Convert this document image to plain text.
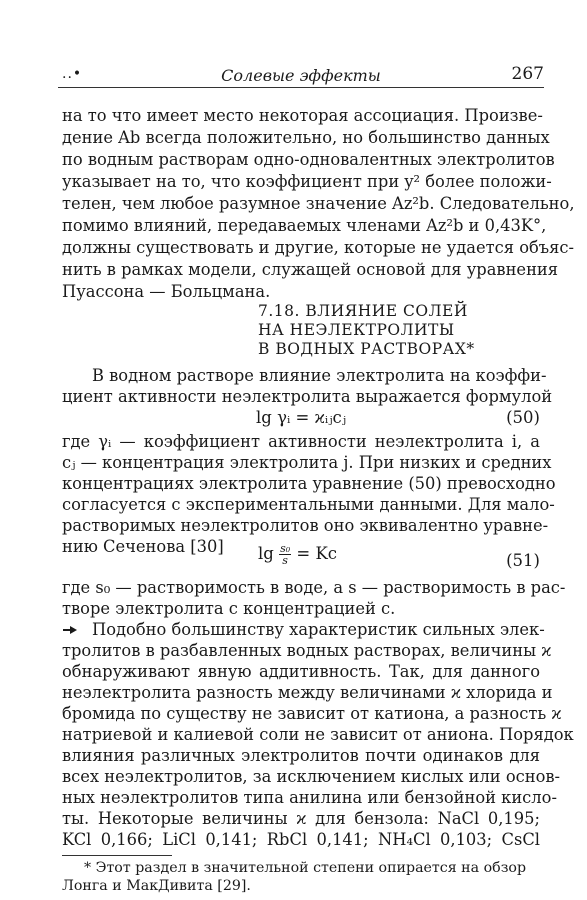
..•	Солевые эффекты	267
на то что имеет место некоторая ассоциация. Произве-
дение Ab всегда положительно, но большинство данных
по водным растворам одно-одновалентных электролитов
указывает на то, что коэффициент при y² более положи-
телен, чем любое разумное значение Az²b. Следовательно,
помимо влияний, передаваемых членами Az²b и 0,43K°,
должны существовать и другие, которые не удается объяс-
нить в рамках модели, служащей основой для уравнения
Пуассона — Больцмана.
7.18. ВЛИЯНИЕ СОЛЕЙ
НА НЕЭЛЕКТРОЛИТЫ
В ВОДНЫХ РАСТВОРАХ*
В водном растворе влияние электролита на коэффи-
циент активности неэлектролита выражается формулой
lg γᵢ = ϰᵢⱼcⱼ	(50)
где γᵢ — коэффициент активности неэлектролита i, а
cⱼ — концентрация электролита j. При низких и средних
концентрациях электролита уравнение (50) превосходно
согласуется с экспериментальными данными. Для мало-
растворимых неэлектролитов оно эквивалентно уравне-
нию Сеченова [30]	$\lg \frac{\text{s₀}}{s} = Kc$	(51)
где s₀ — растворимость в воде, а s — растворимость в рас-
творе электролита с концентрацией c.
Подобно большинству характеристик сильных элек-
тролитов в разбавленных водных растворах, величины ϰ
обнаруживают явную аддитивность. Так, для данного
неэлектролита разность между величинами ϰ хлорида и
бромида по существу не зависит от катиона, а разность ϰ
натриевой и калиевой соли не зависит от аниона. Порядок
влияния различных электролитов почти одинаков для
всех неэлектролитов, за исключением кислых или основ-
ных неэлектролитов типа анилина или бензойной кисло-
ты. Некоторые величины ϰ для бензола: NaCl 0,195;
KCl 0,166; LiCl 0,141; RbCl 0,141; NH₄Cl 0,103; CsCl
* Этот раздел в значительной степени опирается на обзор
Лонга и МакДивита [29].
